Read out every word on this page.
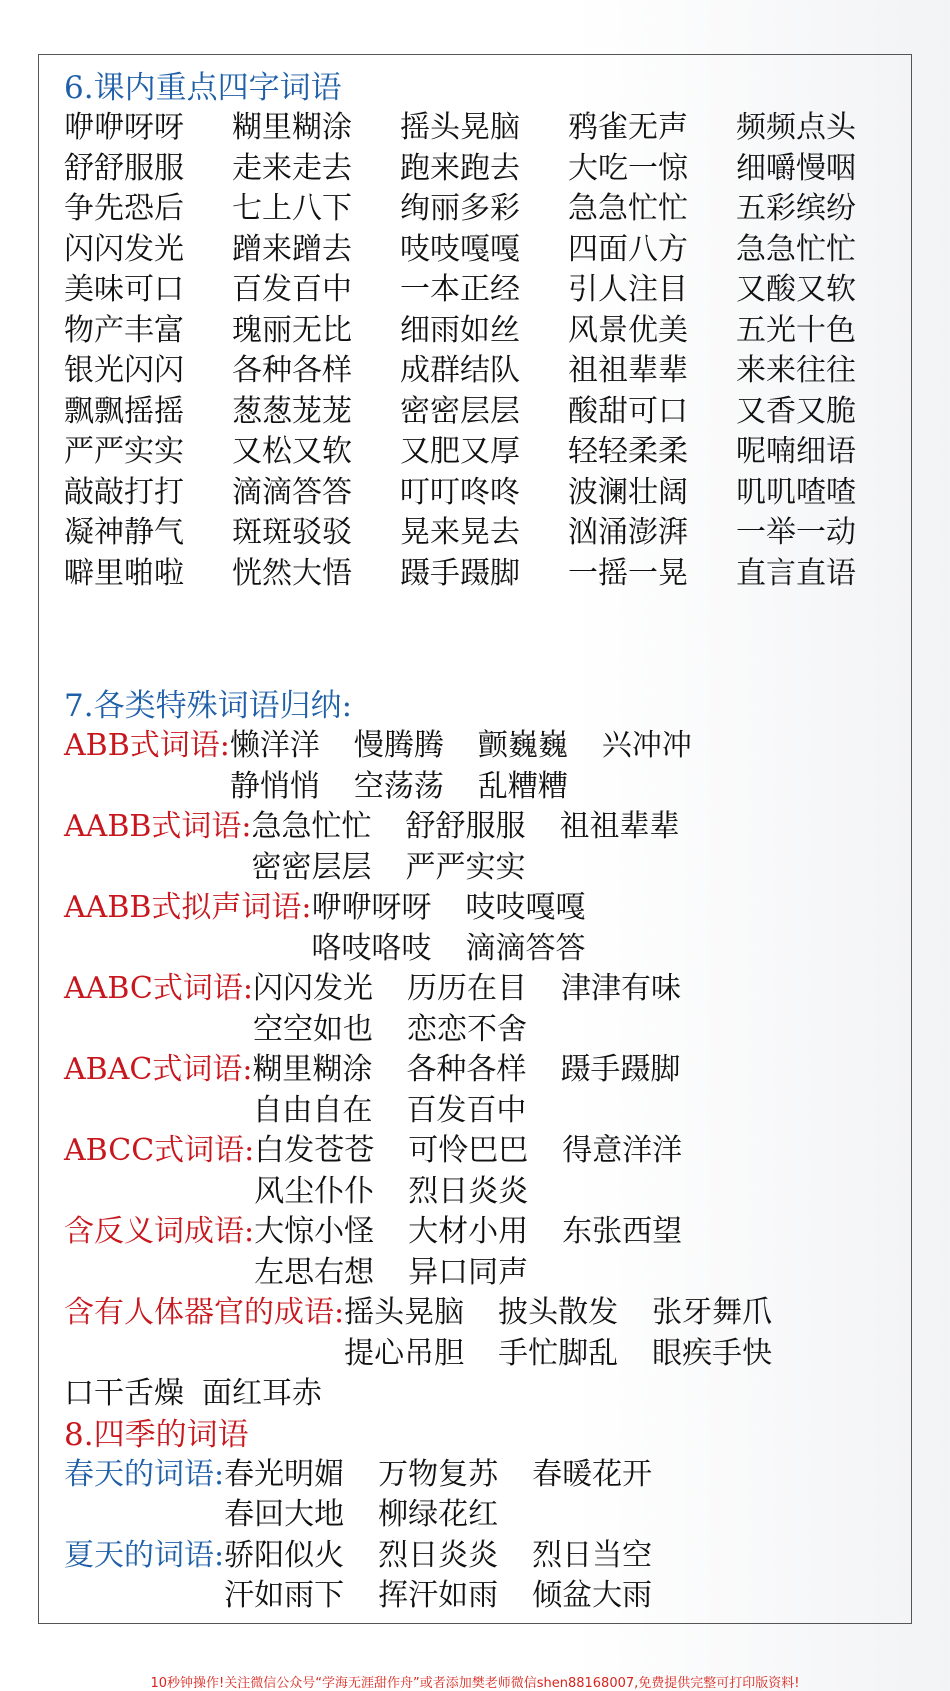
6.课内重点四字词语
咿咿呀呀	糊里糊涂	摇头晃脑	鸦雀无声	频频点头
舒舒服服	走来走去	跑来跑去	大吃一惊	细嚼慢咽
争先恐后	七上八下	绚丽多彩	急急忙忙	五彩缤纷
闪闪发光	蹭来蹭去	吱吱嘎嘎	四面八方	急急忙忙
美味可口	百发百中	一本正经	引人注目	又酸又软
物产丰富	瑰丽无比	细雨如丝	风景优美	五光十色
银光闪闪	各种各样	成群结队	祖祖辈辈	来来往往
飘飘摇摇	葱葱茏茏	密密层层	酸甜可口	又香又脆
严严实实	又松又软	又肥又厚	轻轻柔柔	呢喃细语
敲敲打打	滴滴答答	叮叮咚咚	波澜壮阔	叽叽喳喳
凝神静气	斑斑驳驳	晃来晃去	汹涌澎湃	一举一动
噼里啪啦	恍然大悟	蹑手蹑脚	一摇一晃	直言直语
7.各类特殊词语归纳:
ABB式词语: 懒洋洋 慢腾腾 颤巍巍 兴冲冲
静悄悄 空荡荡 乱糟糟
AABB式词语: 急急忙忙 舒舒服服 祖祖辈辈
密密层层 严严实实
AABB式拟声词语: 咿咿呀呀 吱吱嘎嘎
咯吱咯吱 滴滴答答
AABC式词语: 闪闪发光 历历在目 津津有味
空空如也 恋恋不舍
ABAC式词语: 糊里糊涂 各种各样 蹑手蹑脚
自由自在 百发百中
ABCC式词语: 白发苍苍 可怜巴巴 得意洋洋
风尘仆仆 烈日炎炎
含反义词成语: 大惊小怪 大材小用 东张西望
左思右想 异口同声
含有人体器官的成语: 摇头晃脑 披头散发 张牙舞爪
提心吊胆 手忙脚乱 眼疾手快
口干舌燥 面红耳赤
8.四季的词语
春天的词语: 春光明媚 万物复苏 春暖花开
春回大地 柳绿花红
夏天的词语: 骄阳似火 烈日炎炎 烈日当空
汗如雨下 挥汗如雨 倾盆大雨
10秒钟操作!关注微信公众号“学海无涯甜作舟”或者添加樊老师微信shen88168007,免费提供完整可打印版资料!
